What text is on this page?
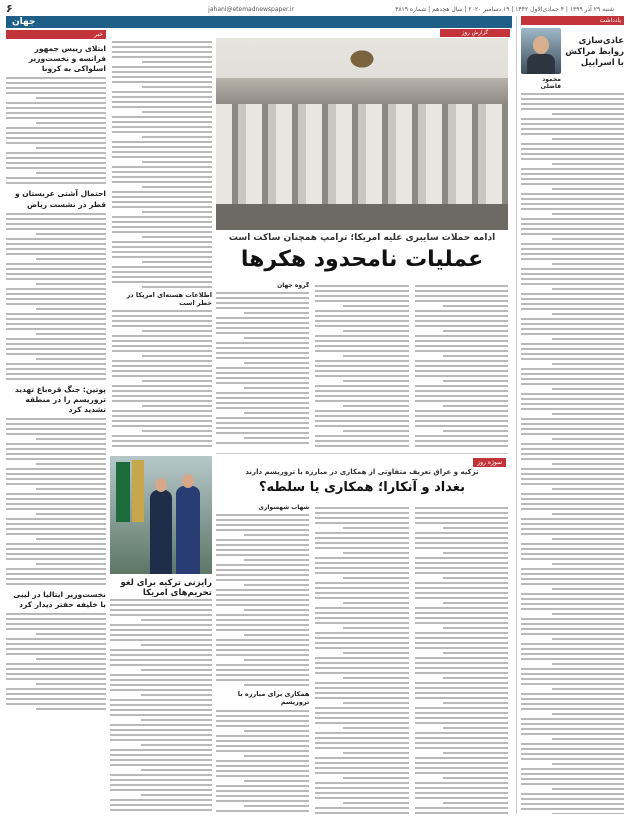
شنبه ۲۹ آذر ۱۳۹۹ | ۴ جمادی‌الاول ۱۴۴۲ | ۱۹ دسامبر ۲۰۲۰ | سال هجدهم | شماره ۳۸۱۹
jahani@etemadnewspaper.ir
۶
جهان
گزارش روز
یادداشت
عادی‌سازی روابط مراکش با اسراییل
محمود فاضلی
خبر
ابتلای رییس جمهور فرانسه و نخست‌وزیر اسلواکی به کرونا
احتمال آشتی عربستان و قطر در نشست ریاض
پوتین: جنگ قره‌باغ تهدید تروریسم را در منطقه تشدید کرد
نخست‌وزیر ایتالیا در لیبی با خلیفه حفتر دیدار کرد
اطلاعات هسته‌ای امریکا در خطر است
ادامه حملات سایبری علیه امریکا؛ ترامپ همچنان ساکت است
عملیات نامحدود هکرها
گروه جهان
سوژه روز
ترکیه و عراق تعریف متفاوتی از همکاری در مبارزه با تروریسم دارند
بغداد و آنکارا؛ همکاری یا سلطه؟
شهاب شهسواری
همکاری برای مبارزه با تروریسم
رایزنی ترکیه برای لغو تحریم‌های امریکا
